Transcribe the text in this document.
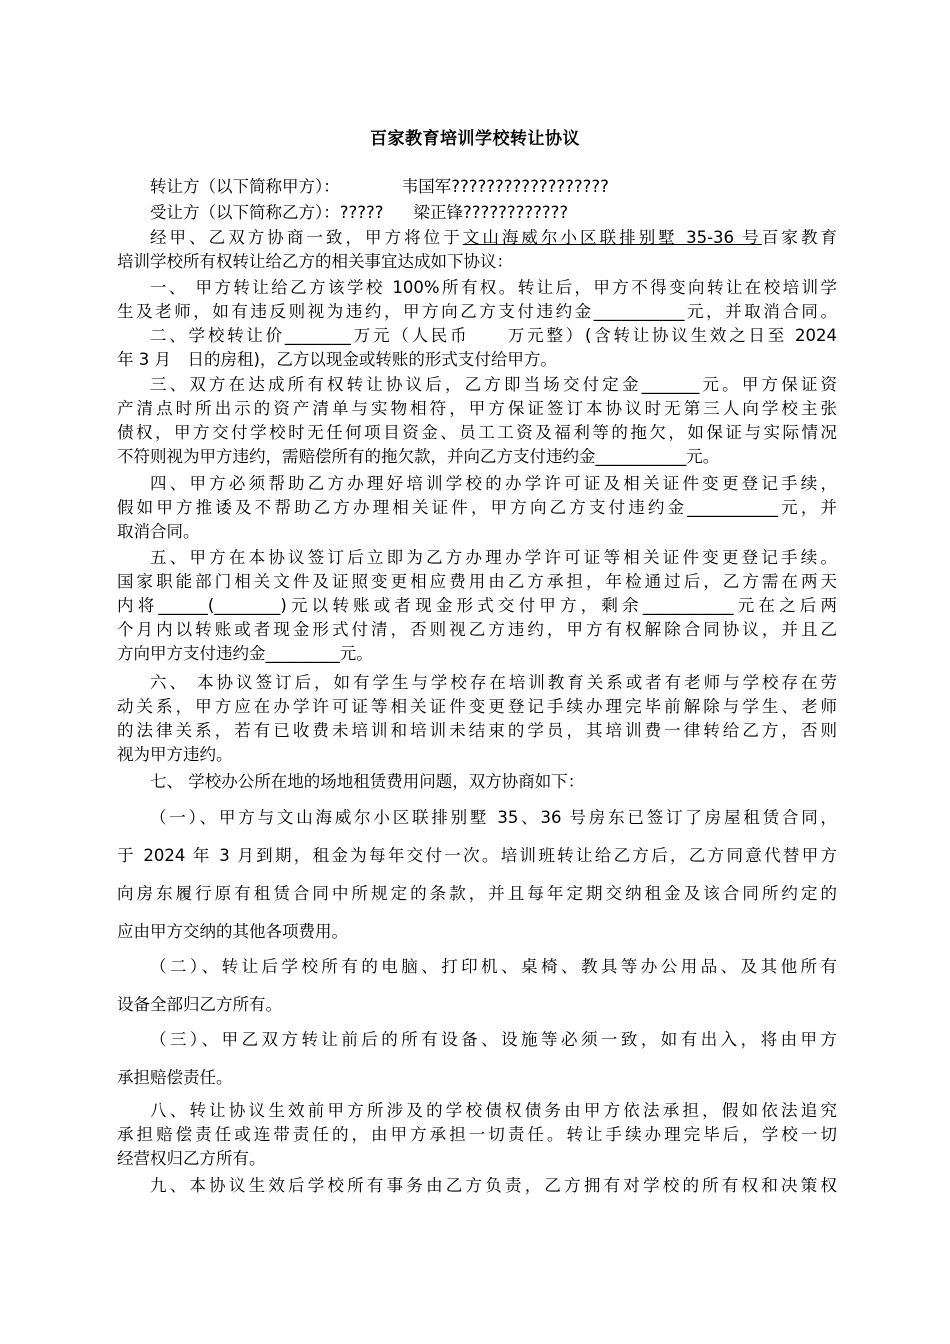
百家教育培训学校转让协议
转让方（以下简称甲方）：	韦国军??????????????????
受让方（以下简称乙方）：????? 梁正锋????????????
经甲、乙双方协商一致，甲方将位于文山海威尔小区联排别墅 35-36 号百家教育
培训学校所有权转让给乙方的相关事宜达成如下协议：
一、 甲方转让给乙方该学校 100%所有权。转让后，甲方不得变向转让在校培训学
生及老师，如有违反则视为违约，甲方向乙方支付违约金___________元，并取消合同。
二、学校转让价________万元（人民币　　万元整）(含转让协议生效之日至 2024
年 3 月　日的房租)，乙方以现金或转账的形式支付给甲方。
三、双方在达成所有权转让协议后，乙方即当场交付定金_______元。甲方保证资
产清点时所出示的资产清单与实物相符，甲方保证签订本协议时无第三人向学校主张
债权，甲方交付学校时无任何项目资金、员工工资及福利等的拖欠，如保证与实际情况
不符则视为甲方违约，需赔偿所有的拖欠款，并向乙方支付违约金___________元。
四、甲方必须帮助乙方办理好培训学校的办学许可证及相关证件变更登记手续，
假如甲方推诿及不帮助乙方办理相关证件，甲方向乙方支付违约金___________元，并
取消合同。
五、甲方在本协议签订后立即为乙方办理办学许可证等相关证件变更登记手续。
国家职能部门相关文件及证照变更相应费用由乙方承担，年检通过后，乙方需在两天
内将______(________)元以转账或者现金形式交付甲方，剩余___________元在之后两
个月内以转账或者现金形式付清，否则视乙方违约，甲方有权解除合同协议，并且乙
方向甲方支付违约金_________元。
六、 本协议签订后，如有学生与学校存在培训教育关系或者有老师与学校存在劳
动关系，甲方应在办学许可证等相关证件变更登记手续办理完毕前解除与学生、老师
的法律关系，若有已收费未培训和培训未结束的学员，其培训费一律转给乙方，否则
视为甲方违约。
七、 学校办公所在地的场地租赁费用问题，双方协商如下：
（一）、甲方与文山海威尔小区联排别墅 35、36 号房东已签订了房屋租赁合同，
于 2024 年 3 月到期，租金为每年交付一次。培训班转让给乙方后，乙方同意代替甲方
向房东履行原有租赁合同中所规定的条款，并且每年定期交纳租金及该合同所约定的
应由甲方交纳的其他各项费用。
（二）、转让后学校所有的电脑、打印机、桌椅、教具等办公用品、及其他所有
设备全部归乙方所有。
（三）、甲乙双方转让前后的所有设备、设施等必须一致，如有出入，将由甲方
承担赔偿责任。
八、转让协议生效前甲方所涉及的学校债权债务由甲方依法承担，假如依法追究
承担赔偿责任或连带责任的，由甲方承担一切责任。转让手续办理完毕后，学校一切
经营权归乙方所有。
九、本协议生效后学校所有事务由乙方负责，乙方拥有对学校的所有权和决策权
